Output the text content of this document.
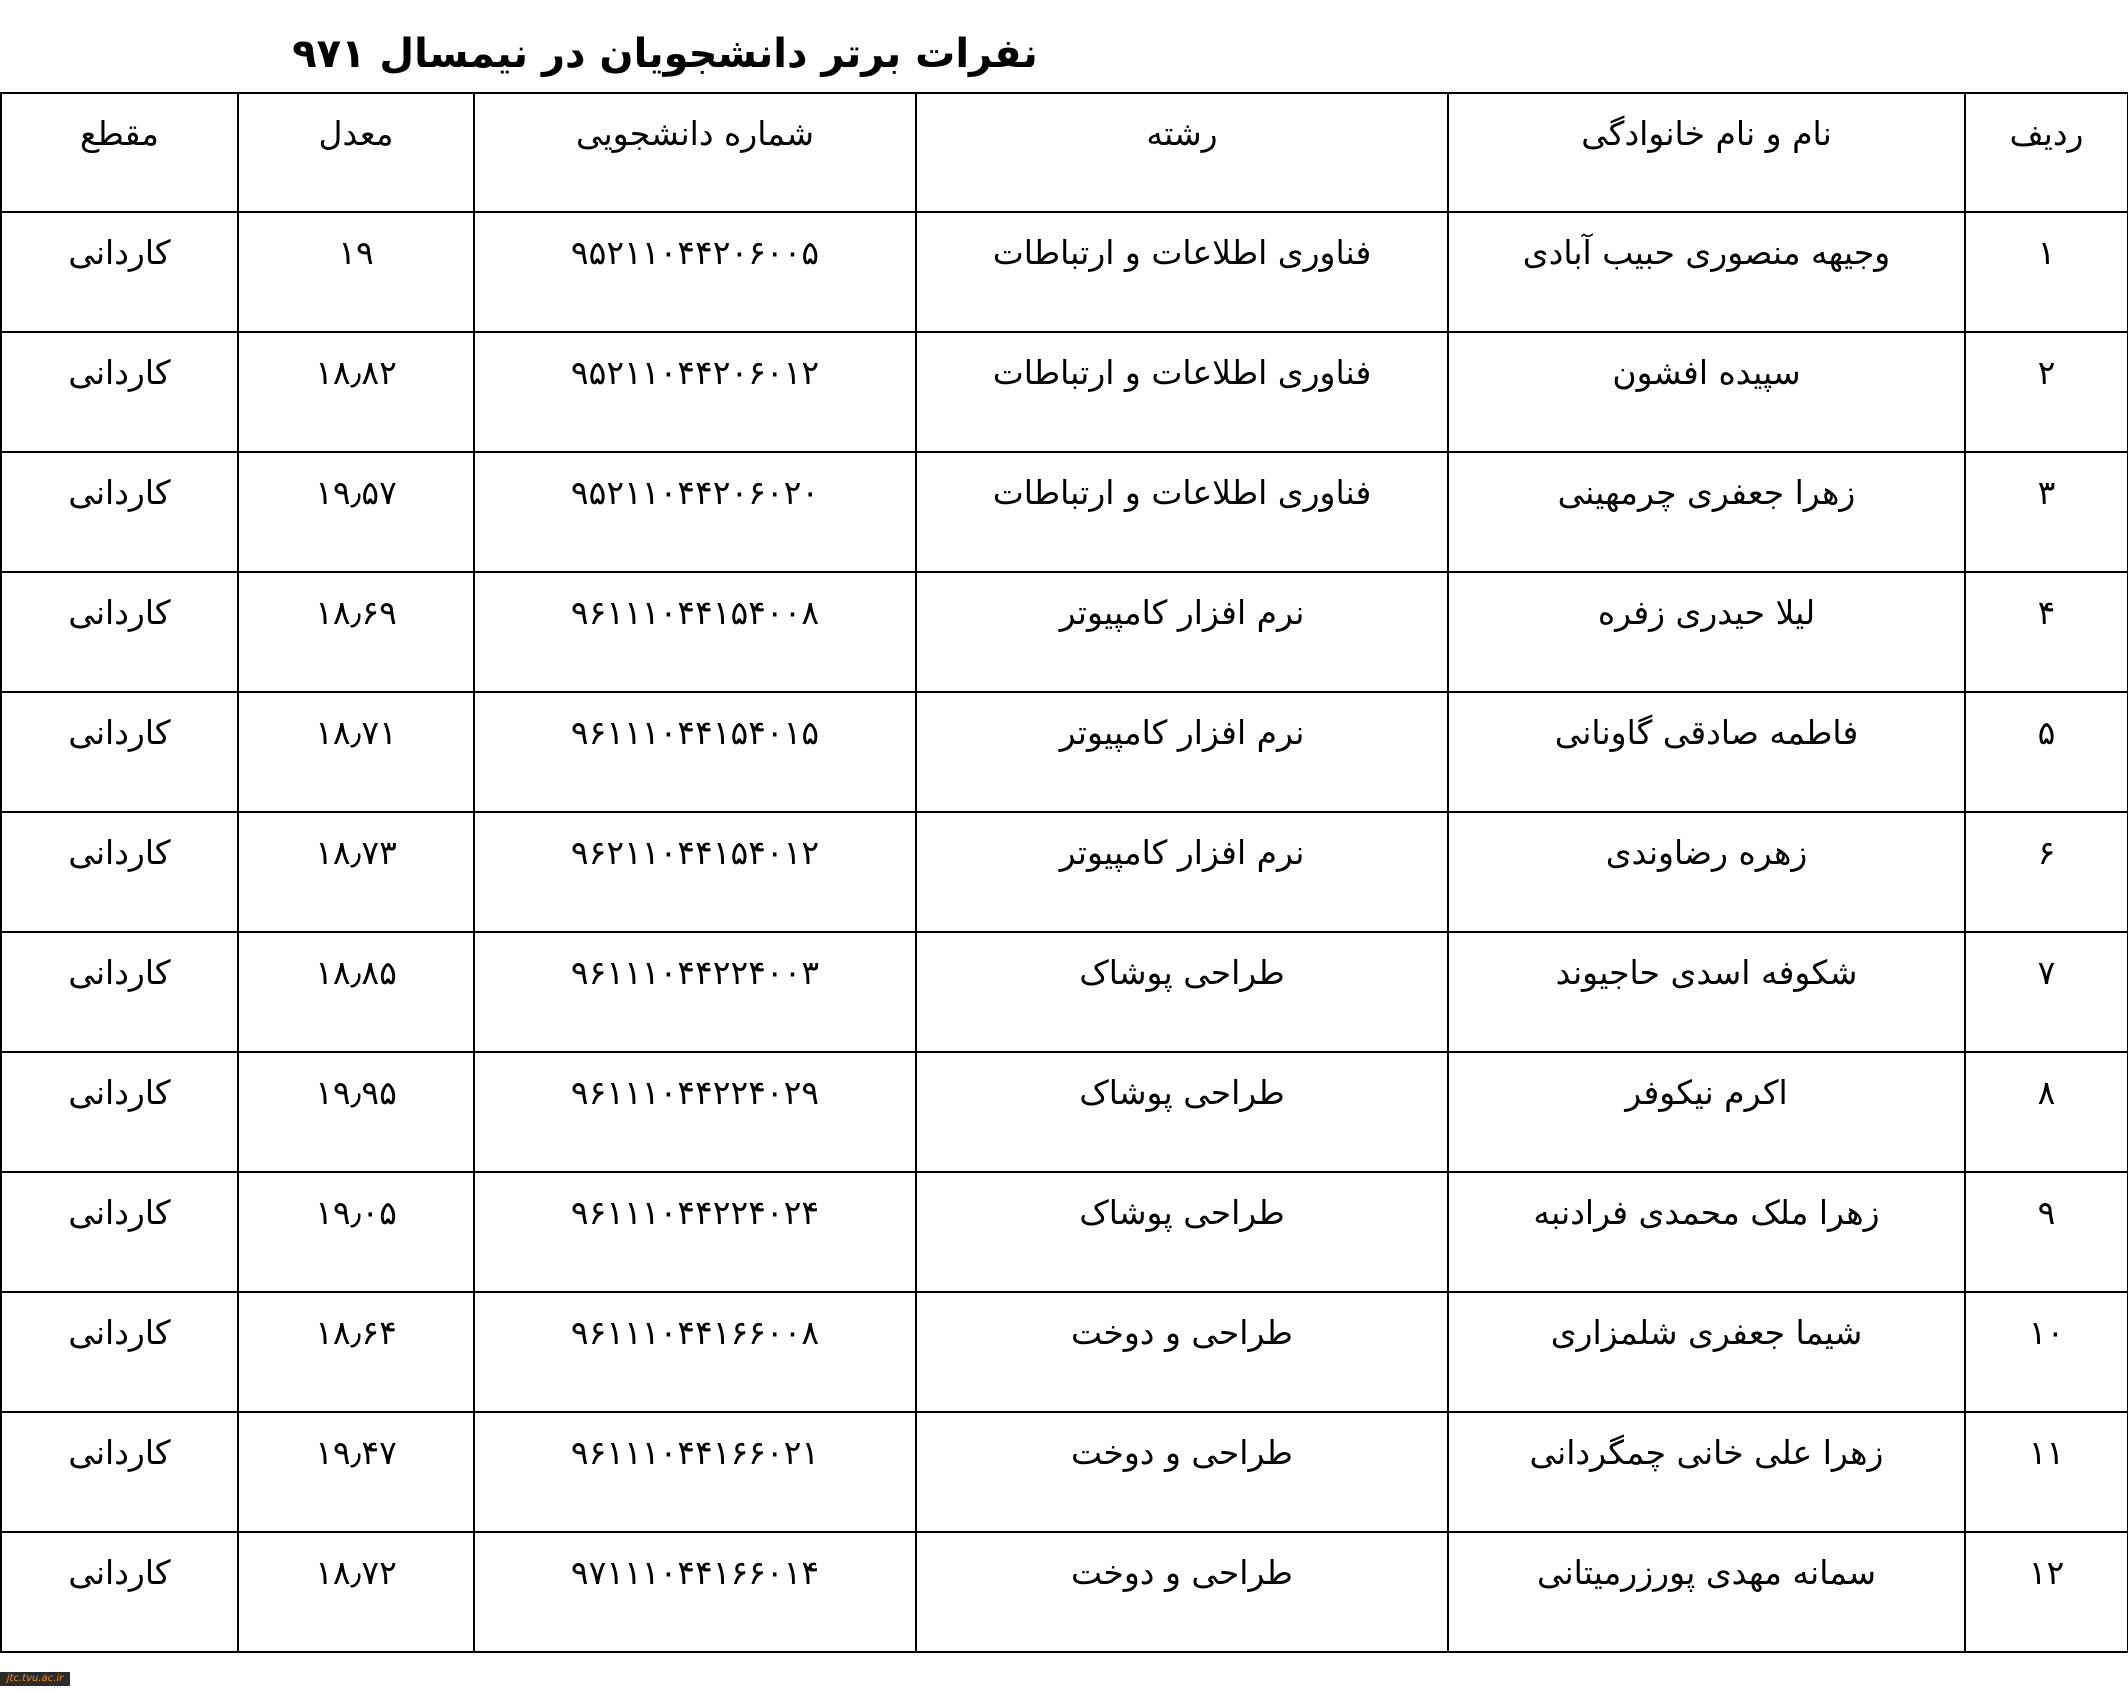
نفرات برتر دانشجویان در نیمسال ۹۷۱
ردیف	نام و نام خانوادگی	رشته	شماره دانشجویی	معدل	مقطع
۱	وجیهه منصوری حبیب آبادی	فناوری اطلاعات و ارتباطات	۹۵۲۱۱۰۴۴۲۰۶۰۰۵	۱۹	کاردانی
۲	سپیده افشون	فناوری اطلاعات و ارتباطات	۹۵۲۱۱۰۴۴۲۰۶۰۱۲	۱۸٫۸۲	کاردانی
۳	زهرا جعفری چرمهینی	فناوری اطلاعات و ارتباطات	۹۵۲۱۱۰۴۴۲۰۶۰۲۰	۱۹٫۵۷	کاردانی
۴	لیلا حیدری زفره	نرم افزار کامپیوتر	۹۶۱۱۱۰۴۴۱۵۴۰۰۸	۱۸٫۶۹	کاردانی
۵	فاطمه صادقی گاونانی	نرم افزار کامپیوتر	۹۶۱۱۱۰۴۴۱۵۴۰۱۵	۱۸٫۷۱	کاردانی
۶	زهره رضاوندی	نرم افزار کامپیوتر	۹۶۲۱۱۰۴۴۱۵۴۰۱۲	۱۸٫۷۳	کاردانی
۷	شکوفه اسدی حاجیوند	طراحی پوشاک	۹۶۱۱۱۰۴۴۲۲۴۰۰۳	۱۸٫۸۵	کاردانی
۸	اکرم نیکوفر	طراحی پوشاک	۹۶۱۱۱۰۴۴۲۲۴۰۲۹	۱۹٫۹۵	کاردانی
۹	زهرا ملک محمدی فرادنبه	طراحی پوشاک	۹۶۱۱۱۰۴۴۲۲۴۰۲۴	۱۹٫۰۵	کاردانی
۱۰	شیما جعفری شلمزاری	طراحی و دوخت	۹۶۱۱۱۰۴۴۱۶۶۰۰۸	۱۸٫۶۴	کاردانی
۱۱	زهرا علی خانی چمگردانی	طراحی و دوخت	۹۶۱۱۱۰۴۴۱۶۶۰۲۱	۱۹٫۴۷	کاردانی
۱۲	سمانه مهدی پورزرمیتانی	طراحی و دوخت	۹۷۱۱۱۰۴۴۱۶۶۰۱۴	۱۸٫۷۲	کاردانی
jtc.tvu.ac.ir
